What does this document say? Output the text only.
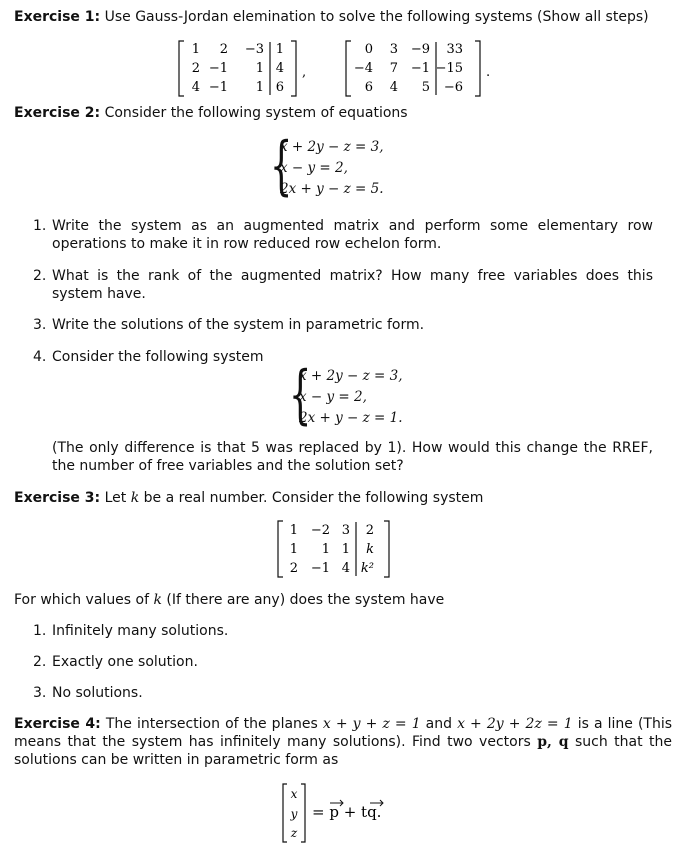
Exercise 1: Use Gauss-Jordan elemination to solve the following systems (Show all steps)
1 2 −3 1
2 −1 1 4
4 −1 1 6
,
0 3 −9 33
−4 7 −1 −15
6 4 5 −6
.
Exercise 2: Consider the following system of equations
{
x + 2y − z = 3,
x − y = 2,
2x + y − z = 5.
1. Write the system as an augmented matrix and perform some elementary row operations to make it in row reduced row echelon form.
2. What is the rank of the augmented matrix? How many free variables does this system have.
3. Write the solutions of the system in parametric form.
4. Consider the following system
{
x + 2y − z = 3,
x − y = 2,
2x + y − z = 1.
(The only difference is that 5 was replaced by 1). How would this change the RREF, the number of free variables and the solution set?
Exercise 3: Let k be a real number. Consider the following system
1 −2 3 2
1 1 1 k
2 −1 4 k²
For which values of k (If there are any) does the system have
1. Infinitely many solutions.
2. Exactly one solution.
3. No solutions.
Exercise 4: The intersection of the planes x + y + z = 1 and x + 2y + 2z = 1 is a line (This means that the system has infinitely many solutions). Find two vectors p, q such that the solutions can be written in parametric form as
x
y
z
= p + tq.
